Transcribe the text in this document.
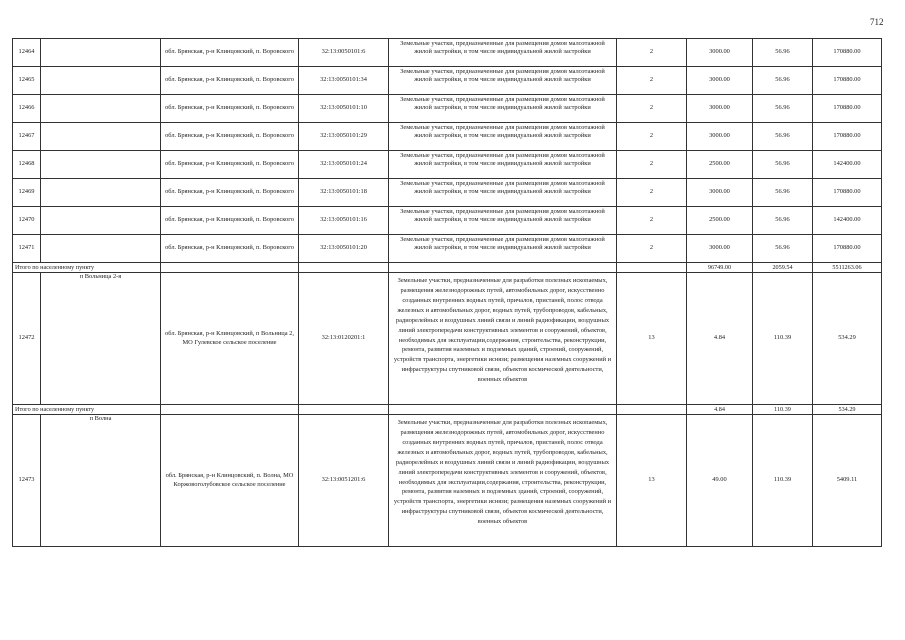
712
12464		обл. Брянская, р-н Клинцовский, п. Воровского	32:13:0050101:6	Земельные участки, предназначенные для размещения домов малоэтажной жилой застройки, в том числе индивидуальной жилой застройки	2	3000.00	56.96	170880.00
12465		обл. Брянская, р-н Клинцовский, п. Воровского	32:13:0050101:34	Земельные участки, предназначенные для размещения домов малоэтажной жилой застройки, в том числе индивидуальной жилой застройки	2	3000.00	56.96	170880.00
12466		обл. Брянская, р-н Клинцовский, п. Воровского	32:13:0050101:10	Земельные участки, предназначенные для размещения домов малоэтажной жилой застройки, в том числе индивидуальной жилой застройки	2	3000.00	56.96	170880.00
12467		обл. Брянская, р-н Клинцовский, п. Воровского	32:13:0050101:29	Земельные участки, предназначенные для размещения домов малоэтажной жилой застройки, в том числе индивидуальной жилой застройки	2	3000.00	56.96	170880.00
12468		обл. Брянская, р-н Клинцовский, п. Воровского	32:13:0050101:24	Земельные участки, предназначенные для размещения домов малоэтажной жилой застройки, в том числе индивидуальной жилой застройки	2	2500.00	56.96	142400.00
12469		обл. Брянская, р-н Клинцовский, п. Воровского	32:13:0050101:18	Земельные участки, предназначенные для размещения домов малоэтажной жилой застройки, в том числе индивидуальной жилой застройки	2	3000.00	56.96	170880.00
12470		обл. Брянская, р-н Клинцовский, п. Воровского	32:13:0050101:16	Земельные участки, предназначенные для размещения домов малоэтажной жилой застройки, в том числе индивидуальной жилой застройки	2	2500.00	56.96	142400.00
12471		обл. Брянская, р-н Клинцовский, п. Воровского	32:13:0050101:20	Земельные участки, предназначенные для размещения домов малоэтажной жилой застройки, в том числе индивидуальной жилой застройки	2	3000.00	56.96	170880.00
Итого по населенному пункту						96749.00	2059.54	5511263.06
12472	п Вольница 2-я	обл. Брянская, р-н Клинцовский, п Вольница 2, МО Гулевское сельское поселение	32:13:0120201:1	Земельные участки, предназначенные для разработки полезных ископаемых, размещения железнодорожных путей, автомобильных дорог, искусственно созданных внутренних водных путей, причалов, пристаней, полос отвода железных и автомобильных дорог, водных путей, трубопроводов, кабельных, радиорелейных и воздушных линий связи и линий радиофикации, воздушных линий электропередачи конструктивных элементов и сооружений, объектов, необходимых для эксплуатации,содержания, строительства, реконструкции, ремонта, развития наземных и подземных зданий, строений, сооружений, устройств транспорта, энергетики иснязи; размещения наземных сооружений и инфраструктуры спутниковой связи, объектов космической деятельности, военных объектов	13	4.84	110.39	534.29
Итого по населенному пункту						4.84	110.39	534.29
12473	п Волна	обл. Брянская, р-н Клинцовский, п. Волна, МО Коржовоголубовское сельское поселение	32:13:0051201:6	Земельные участки, предназначенные для разработки полезных ископаемых, размещения железнодорожных путей, автомобильных дорог, искусственно созданных внутренних водных путей, причалов, пристаней, полос отвода железных и автомобильных дорог, водных путей, трубопроводов, кабельных, радиорелейных и воздушных линий связи и линий радиофикации, воздушных линий электропередачи конструктивных элементов и сооружений, объектов, необходимых для эксплуатации,содержания, строительства, реконструкции, ремонта, развития наземных и подземных зданий, строений, сооружений, устройств транспорта, энергетики иснязи; размещения наземных сооружений и инфраструктуры спутниковой связи, объектов космической деятельности, военных объектов	13	49.00	110.39	5409.11
